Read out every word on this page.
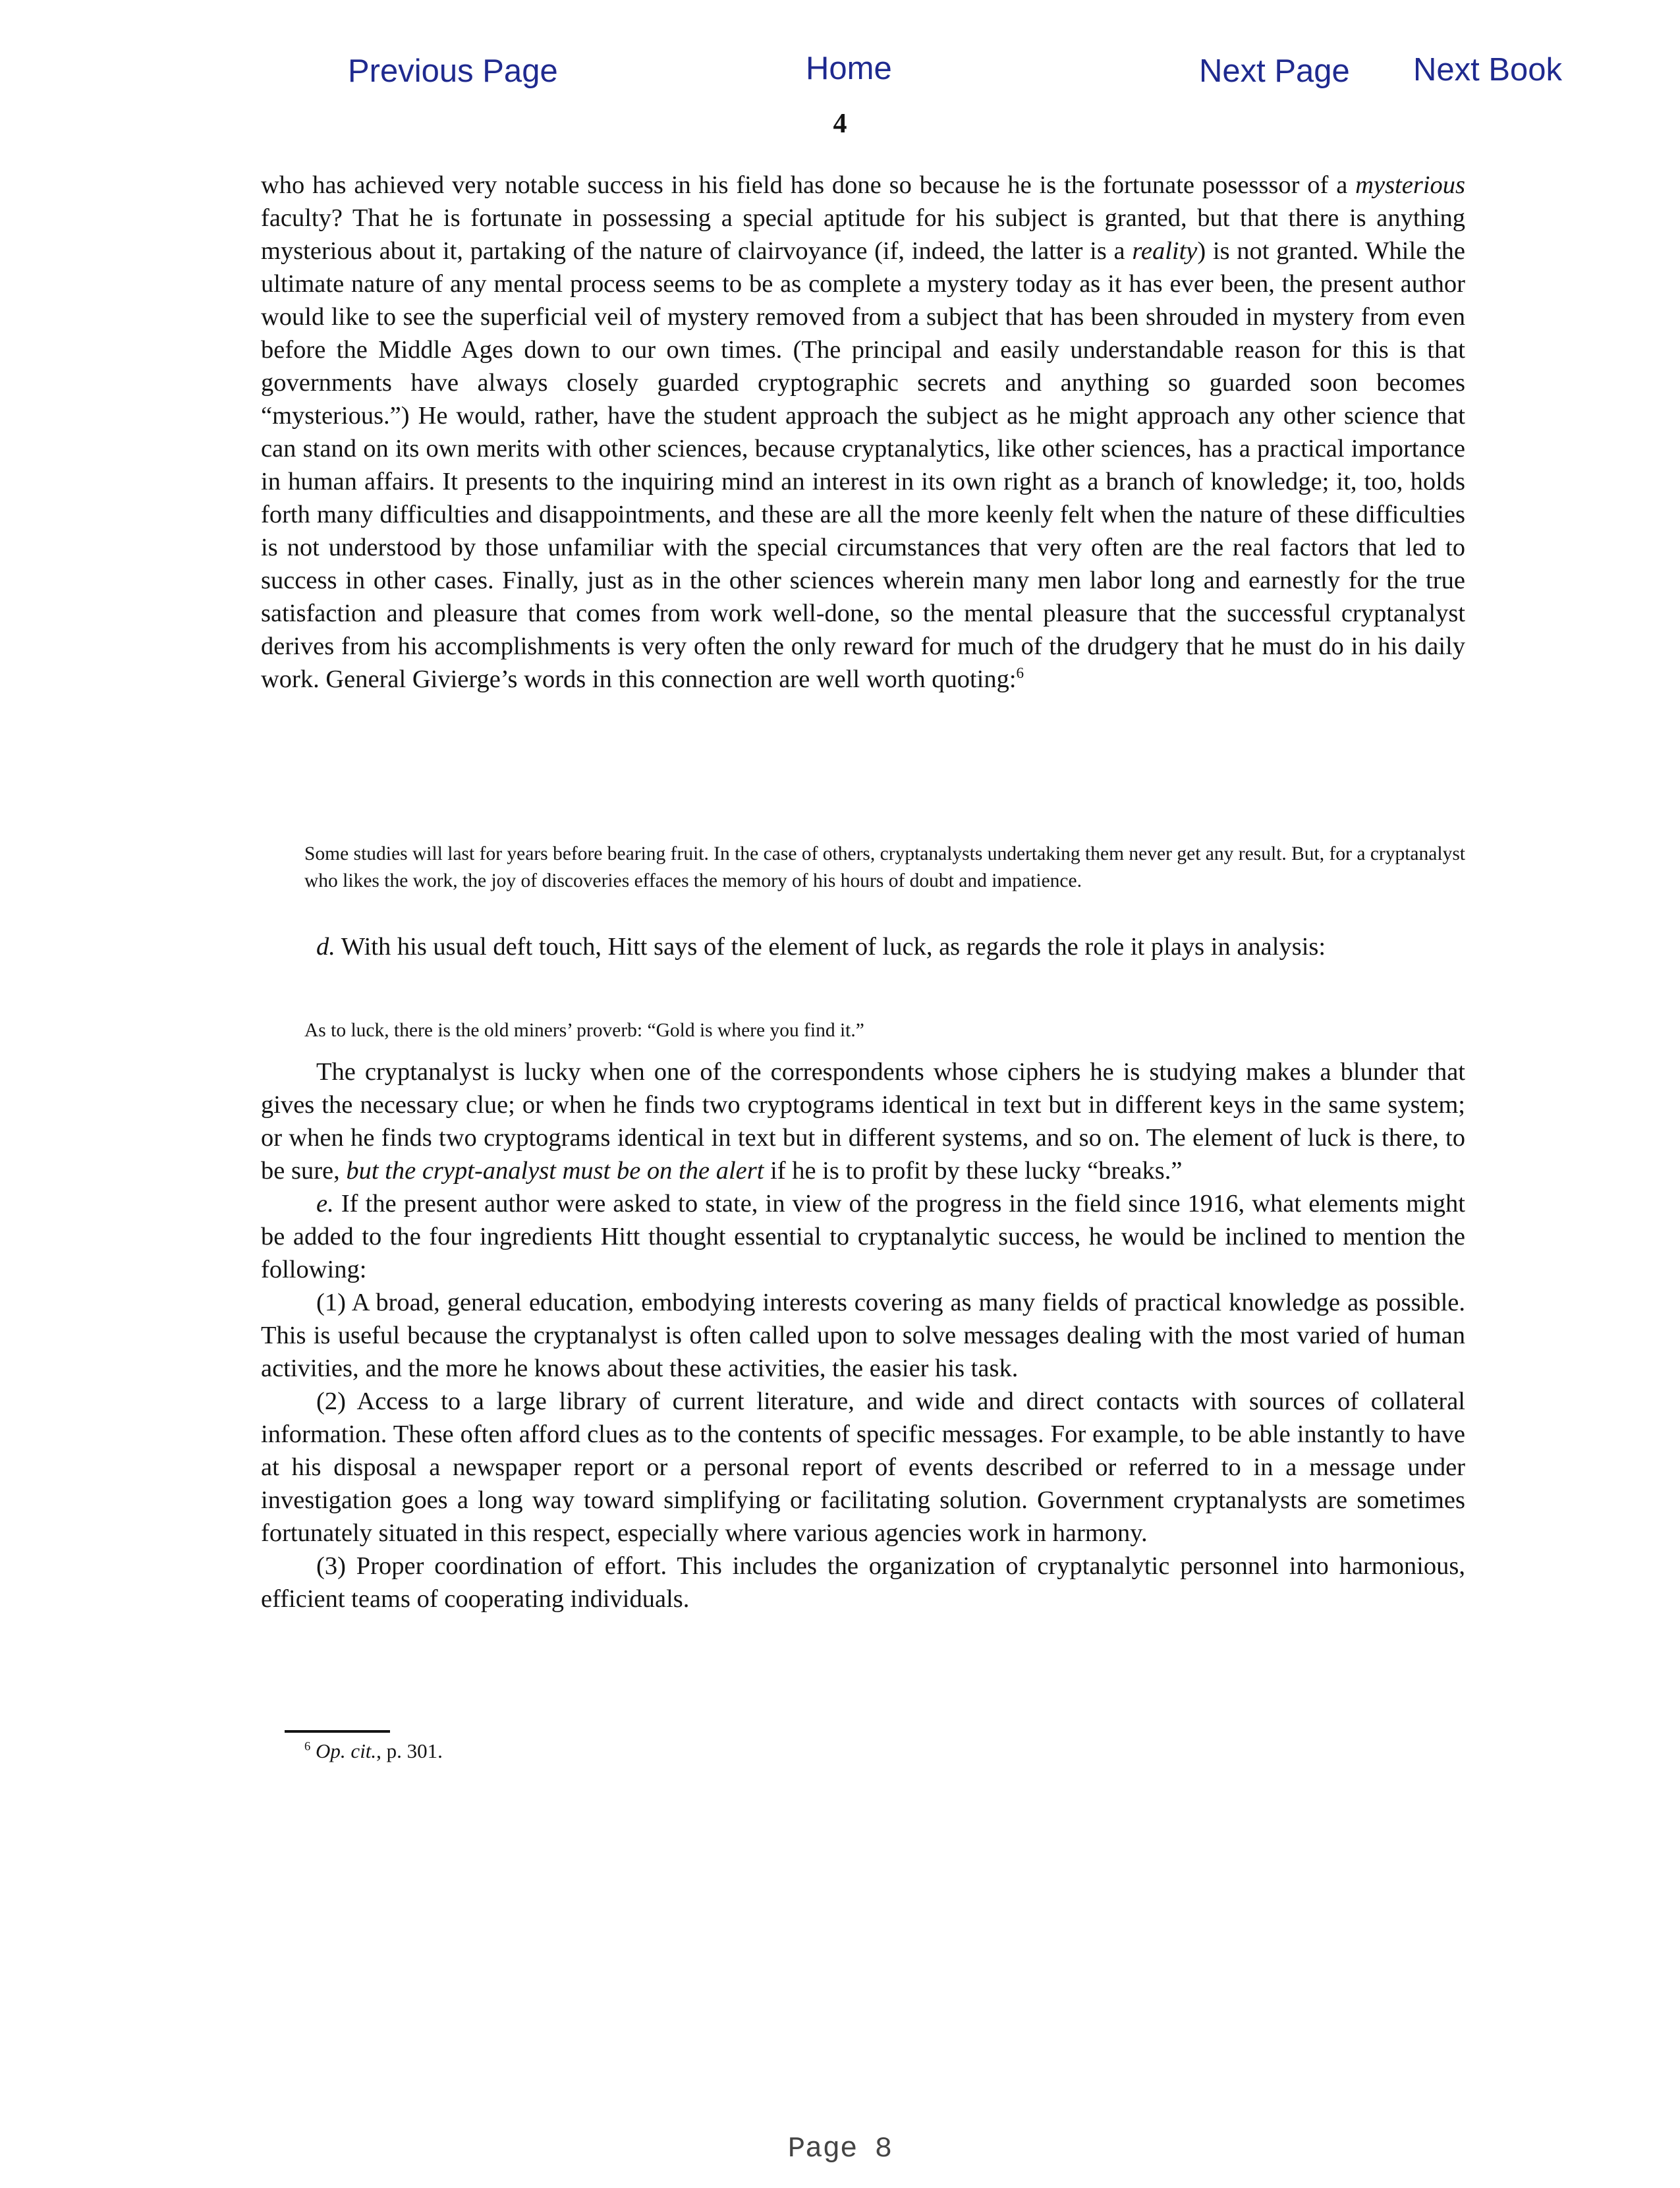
Previous Page	Home	Next Page Next Book
4

who has achieved very notable success in his field has done so because he is the fortunate posesssor of a mysterious faculty? That he is fortunate in possessing a special aptitude for his subject is granted, but that there is anything mysterious about it, partaking of the nature of clairvoyance (if, indeed, the latter is a reality) is not granted. While the ultimate nature of any mental process seems to be as complete a mystery today as it has ever been, the present author would like to see the superficial veil of mystery removed from a subject that has been shrouded in mystery from even before the Middle Ages down to our own times. (The principal and easily understandable reason for this is that governments have always closely guarded cryptographic secrets and anything so guarded soon becomes “mysterious.”) He would, rather, have the student approach the subject as he might approach any other science that can stand on its own merits with other sciences, because cryptanalytics, like other sciences, has a practical importance in human affairs. It presents to the inquiring mind an interest in its own right as a branch of knowledge; it, too, holds forth many difficulties and disappointments, and these are all the more keenly felt when the nature of these difficulties is not understood by those unfamiliar with the special circumstances that very often are the real factors that led to success in other cases. Finally, just as in the other sciences wherein many men labor long and earnestly for the true satisfaction and pleasure that comes from work well-done, so the mental pleasure that the successful cryptanalyst derives from his accomplishments is very often the only reward for much of the drudgery that he must do in his daily work. General Givierge’s words in this connection are well worth quoting:$^6$

Some studies will last for years before bearing fruit. In the case of others, cryptanalysts undertaking them never get any result. But, for a cryptanalyst who likes the work, the joy of discoveries effaces the memory of his hours of doubt and impatience.

d. With his usual deft touch, Hitt says of the element of luck, as regards the role it plays in analysis:

As to luck, there is the old miners’ proverb: “Gold is where you find it.”

The cryptanalyst is lucky when one of the correspondents whose ciphers he is studying makes a blunder that gives the necessary clue; or when he finds two cryptograms identical in text but in different keys in the same system; or when he finds two cryptograms identical in text but in different systems, and so on. The element of luck is there, to be sure, but the crypt-analyst must be on the alert if he is to profit by these lucky “breaks.”

e. If the present author were asked to state, in view of the progress in the field since 1916, what elements might be added to the four ingredients Hitt thought essential to cryptanalytic success, he would be inclined to mention the following:

(1) A broad, general education, embodying interests covering as many fields of practical knowledge as possible. This is useful because the cryptanalyst is often called upon to solve messages dealing with the most varied of human activities, and the more he knows about these activities, the easier his task.

(2) Access to a large library of current literature, and wide and direct contacts with sources of collateral information. These often afford clues as to the contents of specific messages. For example, to be able instantly to have at his disposal a newspaper report or a personal report of events described or referred to in a message under investigation goes a long way toward simplifying or facilitating solution. Government cryptanalysts are sometimes fortunately situated in this respect, especially where various agencies work in harmony.

(3) Proper coordination of effort. This includes the organization of cryptanalytic personnel into harmonious, efficient teams of cooperating individuals.

$^6$ Op. cit., p. 301.
Page 8
